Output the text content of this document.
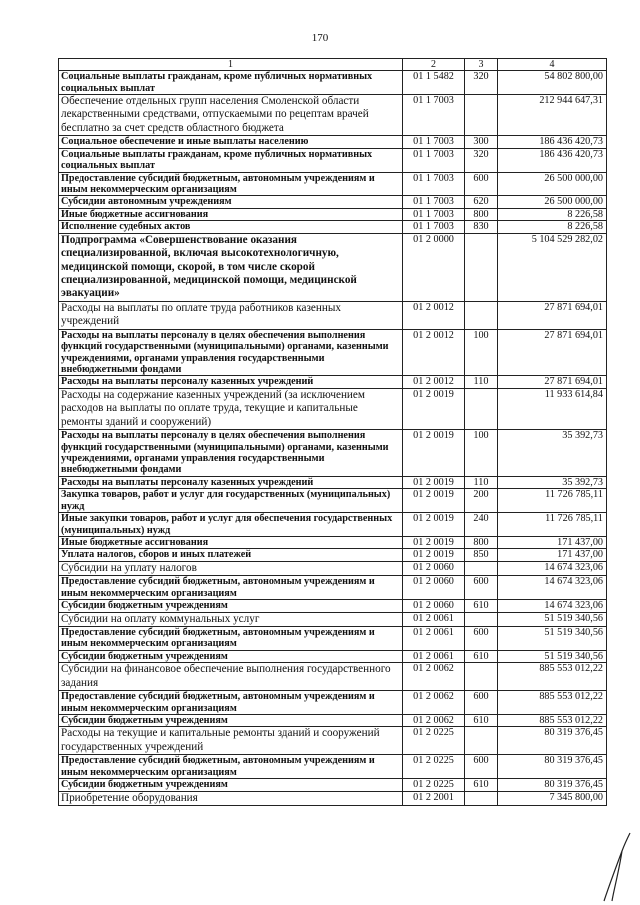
170
1	2	3	4
Социальные выплаты гражданам, кроме публичных нормативных социальных выплат	01 1 5482	320	54 802 800,00
Обеспечение отдельных групп населения Смоленской области лекарственными средствами, отпускаемыми по рецептам врачей бесплатно за счет средств областного бюджета	01 1 7003		212 944 647,31
Социальное обеспечение и иные выплаты населению	01 1 7003	300	186 436 420,73
Социальные выплаты гражданам, кроме публичных нормативных социальных выплат	01 1 7003	320	186 436 420,73
Предоставление субсидий бюджетным, автономным учреждениям и иным некоммерческим организациям	01 1 7003	600	26 500 000,00
Субсидии автономным учреждениям	01 1 7003	620	26 500 000,00
Иные бюджетные ассигнования	01 1 7003	800	8 226,58
Исполнение судебных актов	01 1 7003	830	8 226,58
Подпрограмма «Совершенствование оказания специализированной, включая высокотехнологичную, медицинской помощи, скорой, в том числе скорой специализированной, медицинской помощи, медицинской эвакуации»	01 2 0000		5 104 529 282,02
Расходы на выплаты по оплате труда работников казенных учреждений	01 2 0012		27 871 694,01
Расходы на выплаты персоналу в целях обеспечения выполнения функций государственными (муниципальными) органами, казенными учреждениями, органами управления государственными внебюджетными фондами	01 2 0012	100	27 871 694,01
Расходы на выплаты персоналу казенных учреждений	01 2 0012	110	27 871 694,01
Расходы на содержание казенных учреждений (за исключением расходов на выплаты по оплате труда, текущие и капитальные ремонты зданий и сооружений)	01 2 0019		11 933 614,84
Расходы на выплаты персоналу в целях обеспечения выполнения функций государственными (муниципальными) органами, казенными учреждениями, органами управления государственными внебюджетными фондами	01 2 0019	100	35 392,73
Расходы на выплаты персоналу казенных учреждений	01 2 0019	110	35 392,73
Закупка товаров, работ и услуг для государственных (муниципальных) нужд	01 2 0019	200	11 726 785,11
Иные закупки товаров, работ и услуг для обеспечения государственных (муниципальных) нужд	01 2 0019	240	11 726 785,11
Иные бюджетные ассигнования	01 2 0019	800	171 437,00
Уплата налогов, сборов и иных платежей	01 2 0019	850	171 437,00
Субсидии на уплату налогов	01 2 0060		14 674 323,06
Предоставление субсидий бюджетным, автономным учреждениям и иным некоммерческим организациям	01 2 0060	600	14 674 323,06
Субсидии бюджетным учреждениям	01 2 0060	610	14 674 323,06
Субсидии на оплату коммунальных услуг	01 2 0061		51 519 340,56
Предоставление субсидий бюджетным, автономным учреждениям и иным некоммерческим организациям	01 2 0061	600	51 519 340,56
Субсидии бюджетным учреждениям	01 2 0061	610	51 519 340,56
Субсидии на финансовое обеспечение выполнения государственного задания	01 2 0062		885 553 012,22
Предоставление субсидий бюджетным, автономным учреждениям и иным некоммерческим организациям	01 2 0062	600	885 553 012,22
Субсидии бюджетным учреждениям	01 2 0062	610	885 553 012,22
Расходы на текущие и капитальные ремонты зданий и сооружений государственных учреждений	01 2 0225		80 319 376,45
Предоставление субсидий бюджетным, автономным учреждениям и иным некоммерческим организациям	01 2 0225	600	80 319 376,45
Субсидии бюджетным учреждениям	01 2 0225	610	80 319 376,45
Приобретение оборудования	01 2 2001		7 345 800,00
